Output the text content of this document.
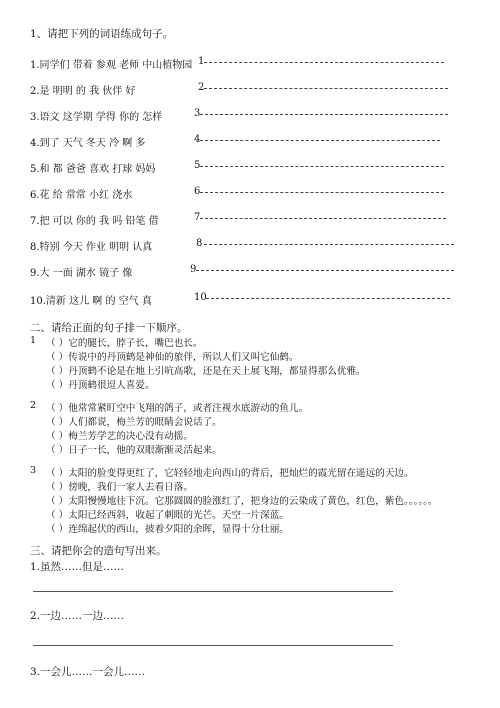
1、请把下列的词语练成句子。
1.同学们 带着 参观 老师 中山植物园 1
2.是 明明 的 我 伙伴 好	2
3.语文 这学期 学得 你的 怎样	3
4.到了 天气 冬天 冷 啊 多	4
5.和 都 爸爸 喜欢 打球 妈妈	5
6.花 给 常常 小红 浇水	6
7.把 可以 你的 我 吗 铅笔 借	7
8.特别 今天 作业 明明 认真	8
9.大 一面 湖水 镜子 像	9
10.清新 这儿 啊 的 空气 真	10
二、请给正面的句子排一下顺序。
1 （ ）它的腿长，脖子长，嘴巴也长。
（ ）传说中的丹顶鹤是神仙的旅伴，所以人们又叫它仙鹤。
（ ）丹顶鹤不论是在地上引吭高歌，还是在天上展飞翔，都显得那么优雅。
（ ）丹顶鹤很逗人喜爱。
2 （ ）他常常紧盯空中飞翔的鸽子，或者注视水底游动的鱼儿。
（ ）人们都说，梅兰芳的眼睛会说话了。
（ ）梅兰芳学艺的决心没有动摇。
（ ）日子一长，他的双眼渐渐灵活起来。
3 （ ）太阳的脸变得更红了，它轻轻地走向西山的背后，把灿烂的霞光留在遥远的天边。
（ ）傍晚，我们一家人去看日落。
（ ）太阳慢慢地往下沉。它那圆圆的脸涨红了，把身边的云染成了黄色，红色，紫色。。。。。。
（ ）太阳已经西斜，收起了刺眼的光芒。天空一片深蓝。
（ ）连绵起伏的西山，披着夕阳的余晖，显得十分壮丽。
三、请把你会的造句写出来。
1.虽然……但是……
2.一边……一边……
3.一会儿……一会儿……
